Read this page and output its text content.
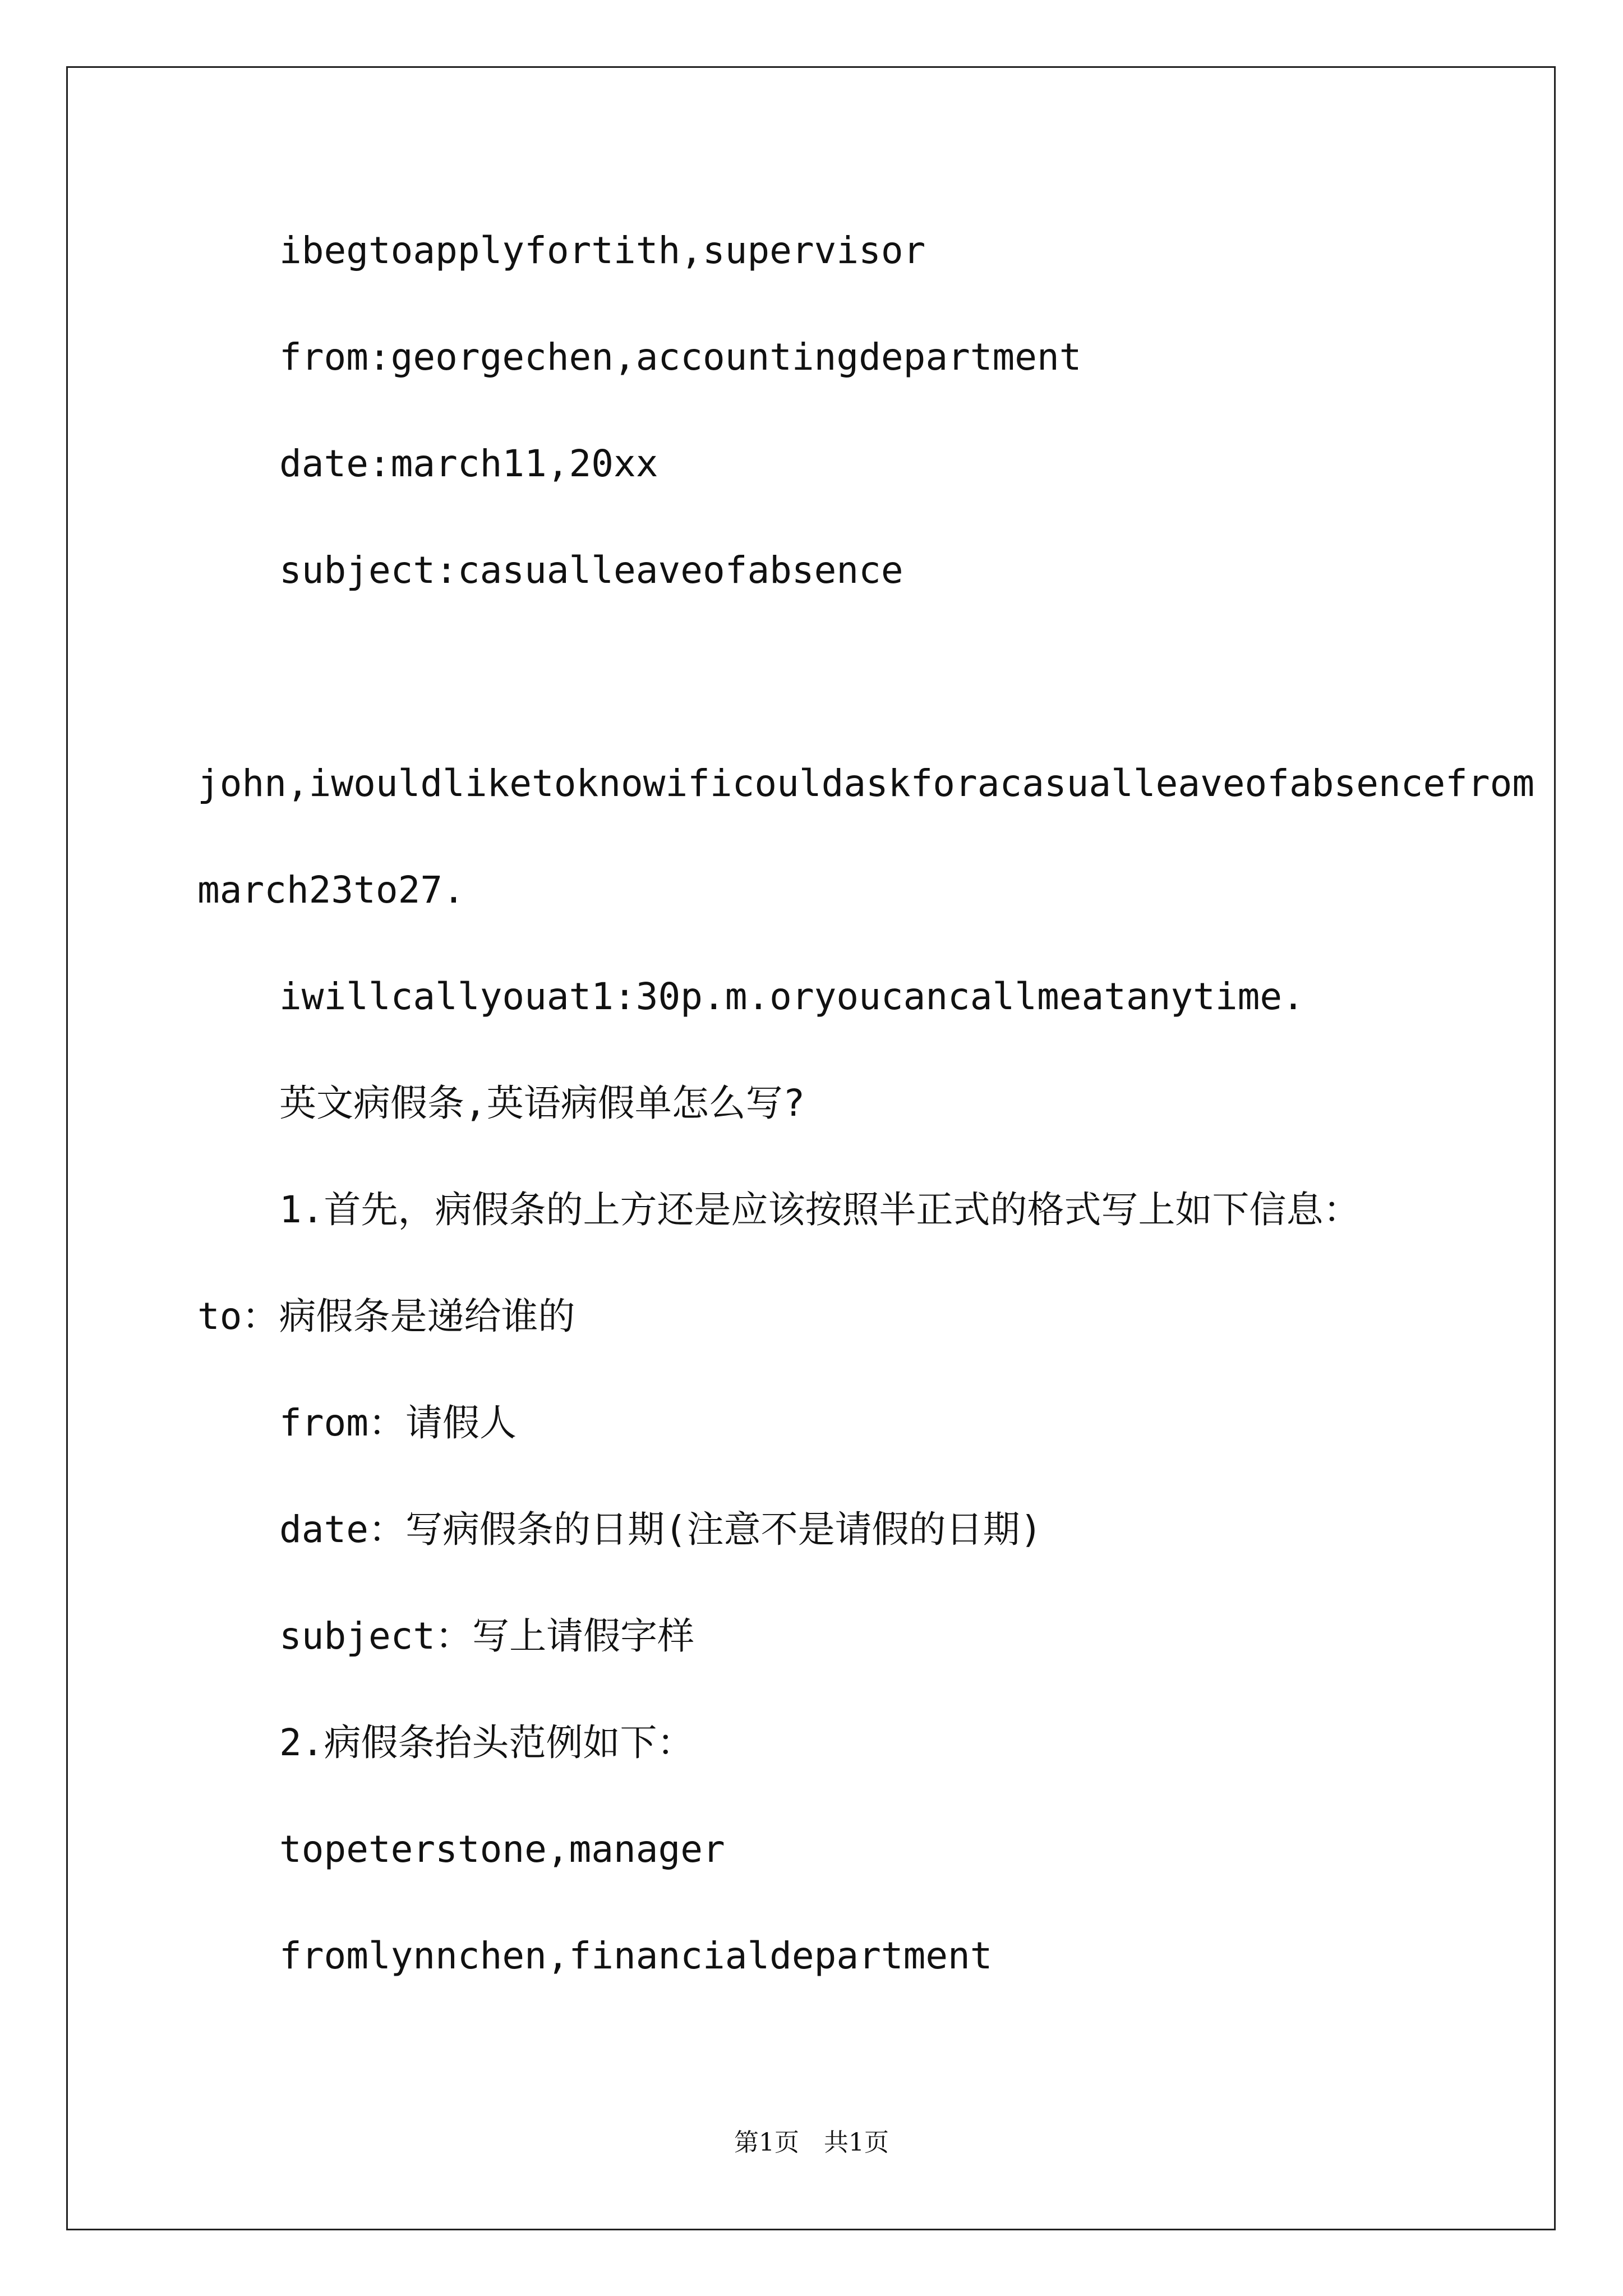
ibegtoapplyfortith,supervisor

from:georgechen,accountingdepartment

date:march11,20xx

subject:casualleaveofabsence

john,iwouldliketoknowificouldaskforacasualleaveofabsencefrom

march23to27.

iwillcallyouat1:30p.m.oryoucancallmeatanytime.

英文病假条,英语病假单怎么写?

1.首先，病假条的上方还是应该按照半正式的格式写上如下信息：

to：病假条是递给谁的

from：请假人

date：写病假条的日期(注意不是请假的日期)

subject：写上请假字样

2.病假条抬头范例如下：

topeterstone,manager

fromlynnchen,financialdepartment

第1页 共1页
